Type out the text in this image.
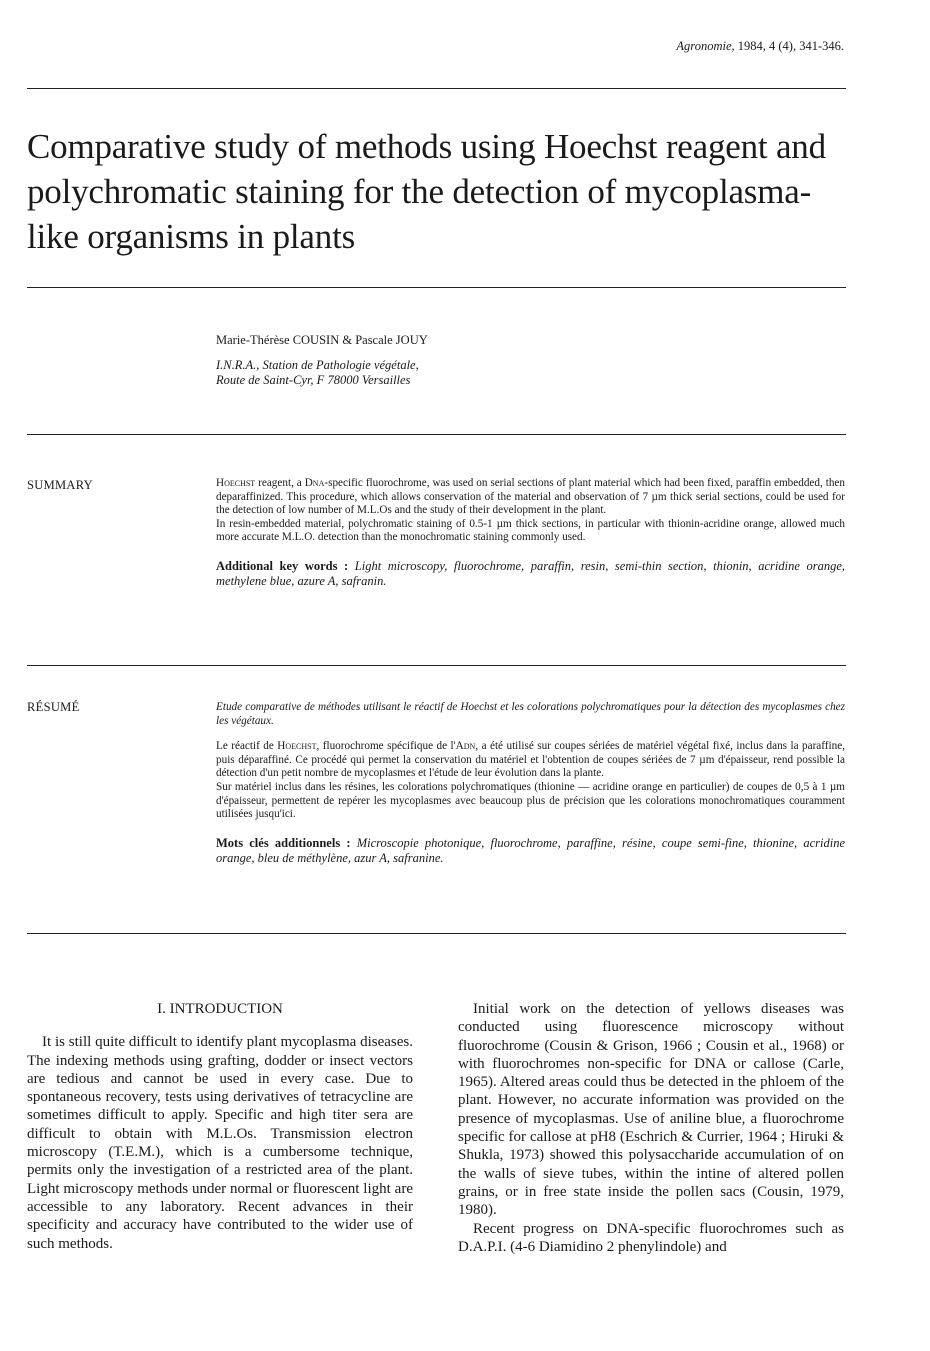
Agronomie, 1984, 4 (4), 341-346.
Comparative study of methods using Hoechst reagent and polychromatic staining for the detection of mycoplasma-like organisms in plants
Marie-Thérèse COUSIN & Pascale JOUY
I.N.R.A., Station de Pathologie végétale,
Route de Saint-Cyr, F 78000 Versailles
SUMMARY	Hoechst reagent, a Dna-specific fluorochrome, was used on serial sections of plant material which had been fixed, paraffin embedded, then deparaffinized. This procedure, which allows conservation of the material and observation of 7 µm thick serial sections, could be used for the detection of low number of M.L.Os and the study of their development in the plant.

In resin-embedded material, polychromatic staining of 0.5-1 µm thick sections, in particular with thionin-acridine orange, allowed much more accurate M.L.O. detection than the monochromatic staining commonly used.

Additional key words : Light microscopy, fluorochrome, paraffin, resin, semi-thin section, thionin, acridine orange, methylene blue, azure A, safranin.

RÉSUMÉ	Etude comparative de méthodes utilisant le réactif de Hoechst et les colorations polychromatiques pour la détection des mycoplasmes chez les végétaux.

Le réactif de Hoechst, fluorochrome spécifique de l'Adn, a été utilisé sur coupes sériées de matériel végétal fixé, inclus dans la paraffine, puis déparaffiné. Ce procédé qui permet la conservation du matériel et l'obtention de coupes sériées de 7 µm d'épaisseur, rend possible la détection d'un petit nombre de mycoplasmes et l'étude de leur évolution dans la plante.

Sur matériel inclus dans les résines, les colorations polychromatiques (thionine — acridine orange en particulier) de coupes de 0,5 à 1 µm d'épaisseur, permettent de repérer les mycoplasmes avec beaucoup plus de précision que les colorations monochromatiques couramment utilisées jusqu'ici.

Mots clés additionnels : Microscopie photonique, fluorochrome, paraffine, résine, coupe semi-fine, thionine, acridine orange, bleu de méthylène, azur A, safranine.

I. INTRODUCTION

It is still quite difficult to identify plant mycoplasma diseases. The indexing methods using grafting, dodder or insect vectors are tedious and cannot be used in every case. Due to spontaneous recovery, tests using derivatives of tetracycline are sometimes difficult to apply. Specific and high titer sera are difficult to obtain with M.L.Os. Transmission electron microscopy (T.E.M.), which is a cumbersome technique, permits only the investigation of a restricted area of the plant. Light microscopy methods under normal or fluorescent light are accessible to any laboratory. Recent advances in their specificity and accuracy have contributed to the wider use of such methods.

Initial work on the detection of yellows diseases was conducted using fluorescence microscopy without fluorochrome (Cousin & Grison, 1966 ; Cousin et al., 1968) or with fluorochromes non-specific for DNA or callose (Carle, 1965). Altered areas could thus be detected in the phloem of the plant. However, no accurate information was provided on the presence of mycoplasmas. Use of aniline blue, a fluorochrome specific for callose at pH8 (Eschrich & Currier, 1964 ; Hiruki & Shukla, 1973) showed this polysaccharide accumulation of on the walls of sieve tubes, within the intine of altered pollen grains, or in free state inside the pollen sacs (Cousin, 1979, 1980).

Recent progress on DNA-specific fluorochromes such as D.A.P.I. (4-6 Diamidino 2 phenylindole) and
